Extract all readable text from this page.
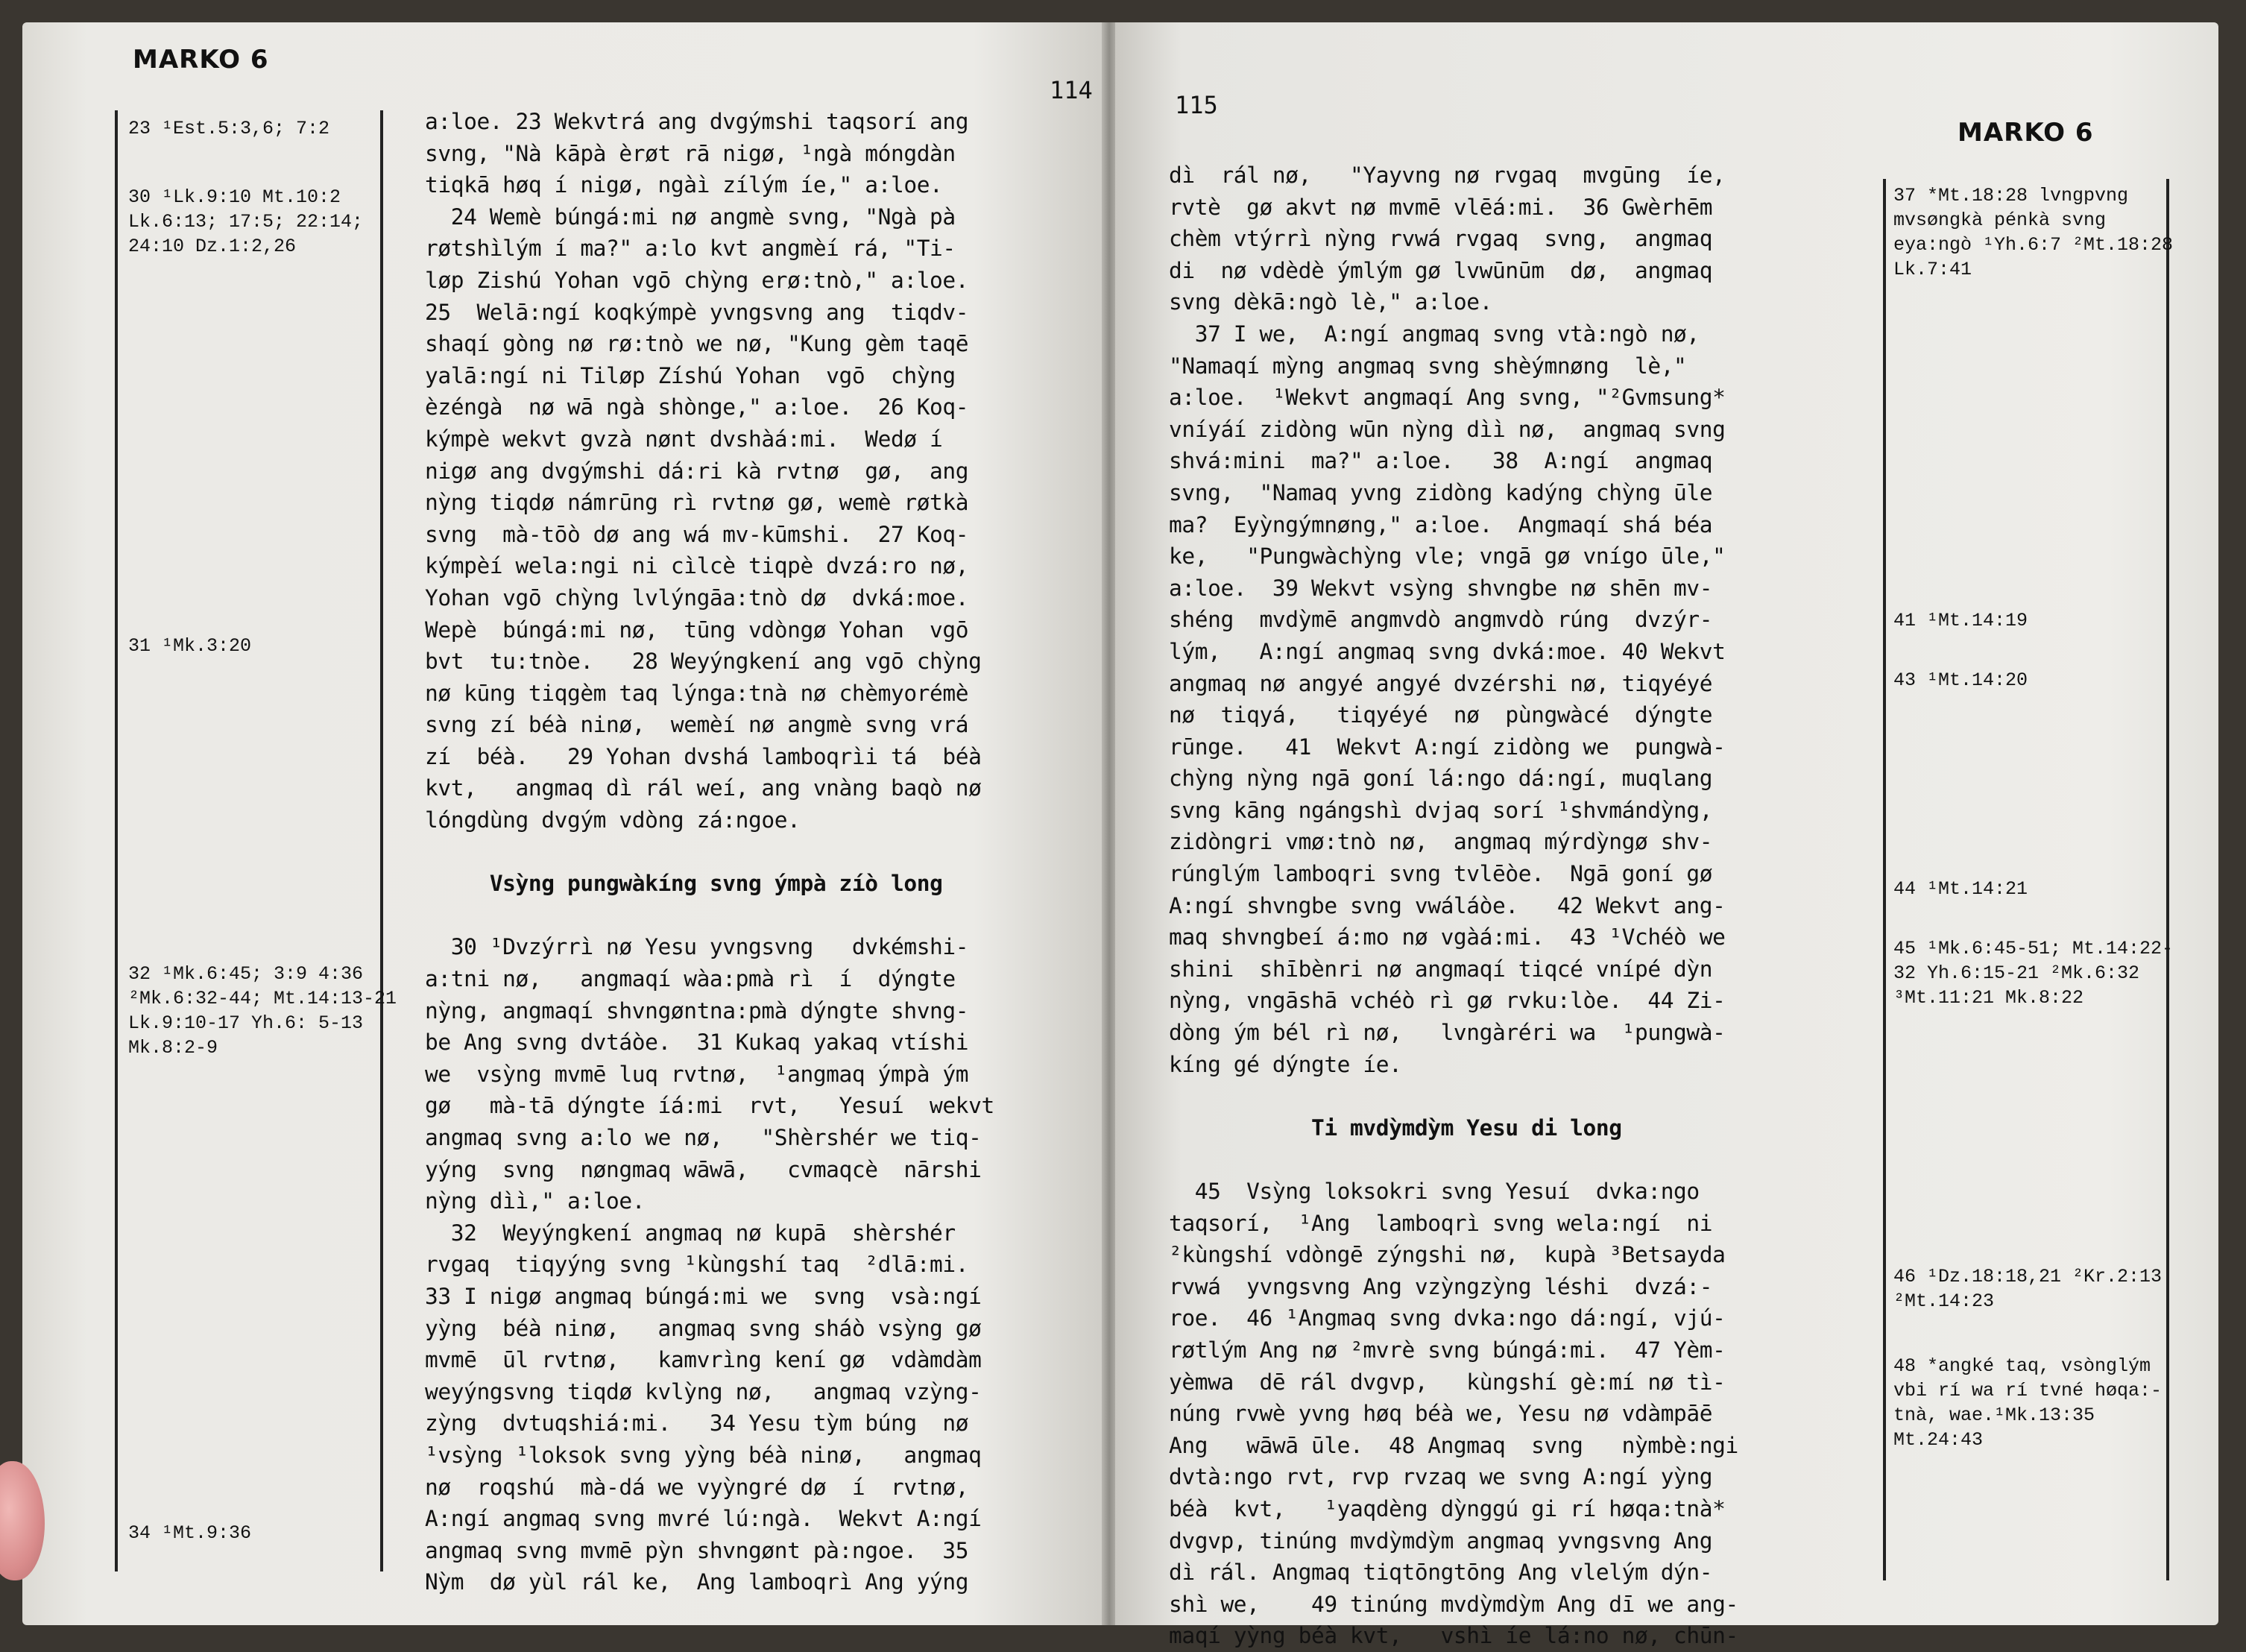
MARKO 6
114
23 ¹Est.5:3,6; 7:2
30 ¹Lk.9:10 Mt.10:2
Lk.6:13; 17:5; 22:14;
24:10 Dz.1:2,26
31 ¹Mk.3:20
32 ¹Mk.6:45; 3:9 4:36
²Mk.6:32-44; Mt.14:13-21
Lk.9:10-17 Yh.6: 5-13
Mk.8:2-9
34 ¹Mt.9:36
a:loe. 23 Wekvtrá ang dvgýmshi taqsorí ang
svng, "Nà kāpà èrøt rā nigø, ¹ngà móngdàn
tiqkā høq í nigø, ngàì zílým íe," a:loe.
24 Wemè búngá:mi nø angmè svng, "Ngà pà
røtshìlým í ma?" a:lo kvt angmèí rá, "Ti-
løp Zishú Yohan vgō chỳng erø:tnò," a:loe.
25  Welā:ngí koqkýmpè yvngsvng ang  tiqdv-
shaqí gòng nø rø:tnò we nø, "Kung gèm taqē
yalā:ngí ni Tiløp Zíshú Yohan  vgō  chỳng
èzéngà  nø wā ngà shònge," a:loe.  26 Koq-
kýmpè wekvt gvzà nønt dvshàá:mi.  Wedø í
nigø ang dvgýmshi dá:ri kà rvtnø  gø,  ang
nỳng tiqdø námrūng rì rvtnø gø, wemè røtkà
svng  mà-tōò dø ang wá mv-kūmshi.  27 Koq-
kýmpèí wela:ngi ni cìlcè tiqpè dvzá:ro nø,
Yohan vgō chỳng lvlýngāa:tnò dø  dvká:moe.
Wepè  búngá:mi nø,  tūng vdòngø Yohan  vgō
bvt  tu:tnòe.   28 Weyýngkení ang vgō chỳng
nø kūng tiqgèm taq lýnga:tnà nø chèmyorémè
svng zí béà ninø,  wemèí nø angmè svng vrá
zí  béà.   29 Yohan dvshá lamboqrìi tá  béà
kvt,   angmaq dì rál weí, ang vnàng baqò nø
lóngdùng dvgým vdòng zá:ngoe.

Vsỳng pungwàkíng svng ýmpà zíò long

30 ¹Dvzýrrì nø Yesu yvngsvng   dvkémshi-
a:tni nø,   angmaqí wàa:pmà rì  í  dýngte
nỳng, angmaqí shvngøntna:pmà dýngte shvng-
be Ang svng dvtáòe.  31 Kukaq yakaq vtíshi
we  vsỳng mvmē luq rvtnø,  ¹angmaq ýmpà ým
gø   mà-tā dýngte íá:mi  rvt,   Yesuí  wekvt
angmaq svng a:lo we nø,   "Shèrshér we tiq-
yýng  svng  nøngmaq wāwā,   cvmaqcè  nārshi
nỳng dìì," a:loe.
32  Weyýngkení angmaq nø kupā  shèrshér
rvgaq  tiqyýng svng ¹kùngshí taq  ²dlā:mi.
33 I nigø angmaq búngá:mi we  svng  vsà:ngí
yỳng  béà ninø,   angmaq svng sháò vsỳng gø
mvmē  ūl rvtnø,   kamvrìng kení gø  vdàmdàm
weyýngsvng tiqdø kvlỳng nø,   angmaq vzỳng-
zỳng  dvtuqshiá:mi.   34 Yesu tỳm búng  nø
¹vsỳng ¹loksok svng yỳng béà ninø,   angmaq
nø  roqshú  mà-dá we vyỳngré dø  í  rvtnø,
A:ngí angmaq svng mvré lú:ngà.  Wekvt A:ngí
angmaq svng mvmē pỳn shvngønt pà:ngoe.  35
Nỳm  dø yùl rál ke,  Ang lamboqrì Ang yýng
115
MARKO 6
37 *Mt.18:28 lvngpvng
mvsøngkà pénkà svng
eya:ngò ¹Yh.6:7 ²Mt.18:28
Lk.7:41
41 ¹Mt.14:19
43 ¹Mt.14:20
44 ¹Mt.14:21
45 ¹Mk.6:45-51; Mt.14:22-
32 Yh.6:15-21 ²Mk.6:32
³Mt.11:21 Mk.8:22
46 ¹Dz.18:18,21 ²Kr.2:13
²Mt.14:23
48 *angké taq, vsònglým
vbi rí wa rí tvné høqa:-
tnà, wae.¹Mk.13:35
Mt.24:43
dì  rál nø,   "Yayvng nø rvgaq  mvgūng  íe,
rvtè  gø akvt nø mvmē vlēá:mi.  36 Gwèrhēm
chèm vtýrrì nỳng rvwá rvgaq  svng,  angmaq
di  nø vdèdè ýmlým gø lvwūnūm  dø,  angmaq
svng dèkā:ngò lè," a:loe.
37 I we,  A:ngí angmaq svng vtà:ngò nø,
"Namaqí mỳng angmaq svng shèýmnøng  lè,"
a:loe.  ¹Wekvt angmaqí Ang svng, "²Gvmsung*
vníyáí zidòng wūn nỳng dìì nø,  angmaq svng
shvá:mini  ma?" a:loe.   38  A:ngí  angmaq
svng,  "Namaq yvng zidòng kadýng chỳng ūle
ma?  Eyỳngýmnøng," a:loe.  Angmaqí shá béa
ke,   "Pungwàchỳng vle; vngā gø vnígo ūle,"
a:loe.  39 Wekvt vsỳng shvngbe nø shēn mv-
shéng  mvdỳmē angmvdò angmvdò rúng  dvzýr-
lým,   A:ngí angmaq svng dvká:moe. 40 Wekvt
angmaq nø angyé angyé dvzérshi nø, tiqyéyé
nø  tiqyá,   tiqyéyé  nø  pùngwàcé  dýngte
rūnge.   41  Wekvt A:ngí zidòng we  pungwà-
chỳng nỳng ngā goní lá:ngo dá:ngí, muqlang
svng kāng ngángshì dvjaq sorí ¹shvmándỳng,
zidòngri vmø:tnò nø,  angmaq mýrdỳngø shv-
rúnglým lamboqri svng tvlēòe.  Ngā goní gø
A:ngí shvngbe svng vwáláòe.   42 Wekvt ang-
maq shvngbeí á:mo nø vgàá:mi.  43 ¹Vchéò we
shini  shībènri nø angmaqí tiqcé vnípé dỳn
nỳng, vngāshā vchéò rì gø rvku:lòe.  44 Zi-
dòng ým bél rì nø,   lvngàréri wa  ¹pungwà-
kíng gé dýngte íe.

Ti mvdỳmdỳm Yesu di long

45  Vsỳng loksokri svng Yesuí  dvka:ngo
taqsorí,  ¹Ang  lamboqrì svng wela:ngí  ni
²kùngshí vdòngē zýngshi nø,  kupà ³Betsayda
rvwá  yvngsvng Ang vzỳngzỳng léshi  dvzá:-
roe.  46 ¹Angmaq svng dvka:ngo dá:ngí, vjú-
røtlým Ang nø ²mvrè svng búngá:mi.  47 Yèm-
yèmwa  dē rál dvgvp,   kùngshí gè:mí nø tì-
núng rvwè yvng høq béà we, Yesu nø vdàmpāē
Ang   wāwā ūle.  48 Angmaq  svng   nỳmbè:ngi
dvtà:ngo rvt, rvp rvzaq we svng A:ngí yỳng
béà  kvt,   ¹yaqdèng dỳnggú gi rí høqa:tnà*
dvgvp, tinúng mvdỳmdỳm angmaq yvngsvng Ang
dì rál. Angmaq tiqtōngtōng Ang vlelým dýn-
shì we,    49 tinúng mvdỳmdỳm Ang dī we ang-
maqí yỳng béà kvt,   vshì íe lá:no nø, chūn-
